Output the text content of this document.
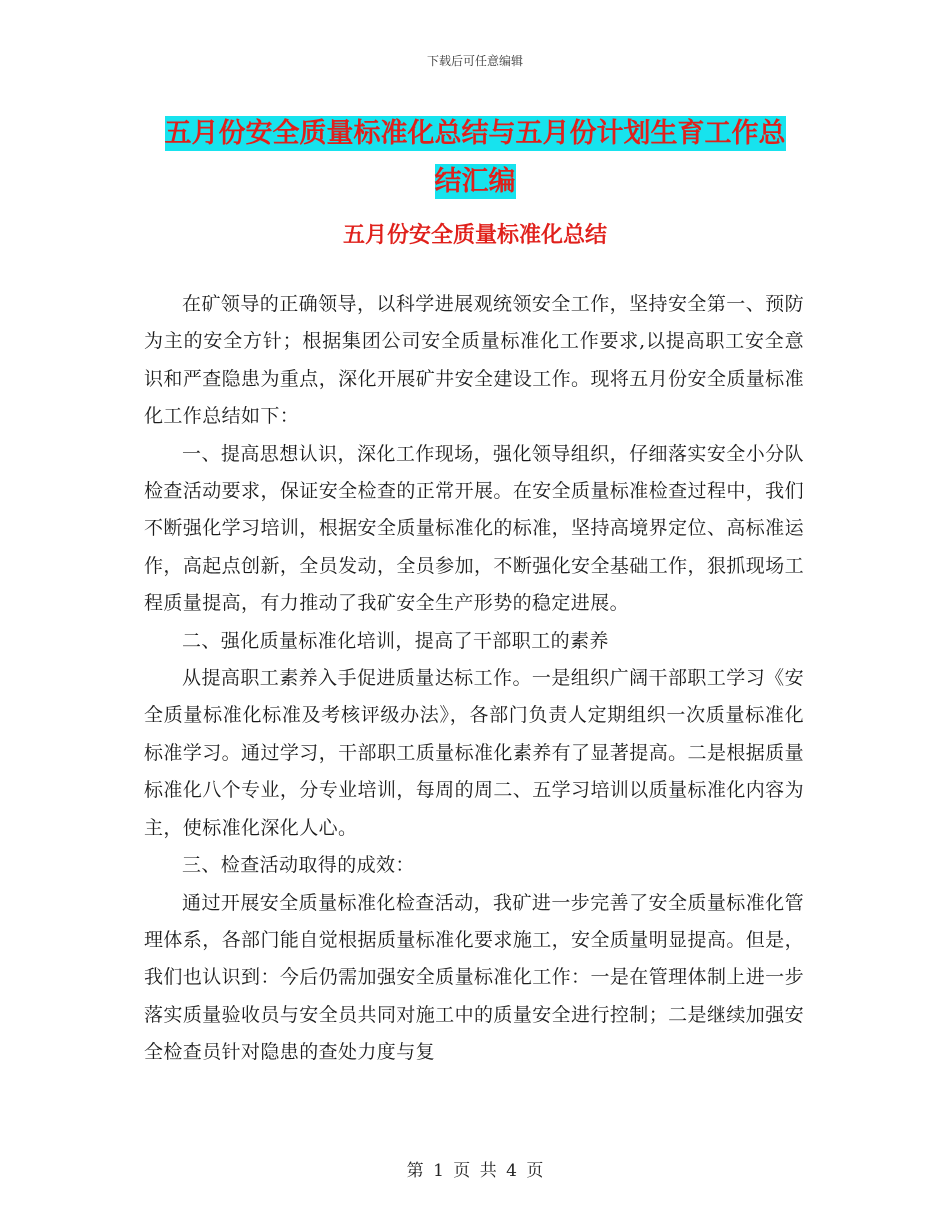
下载后可任意编辑
五月份安全质量标准化总结与五月份计划生育工作总
结汇编
五月份安全质量标准化总结

在矿领导的正确领导，以科学进展观统领安全工作，坚持安全第一、预防为主的安全方针；根据集团公司安全质量标准化工作要求,以提高职工安全意识和严查隐患为重点，深化开展矿井安全建设工作。现将五月份安全质量标准化工作总结如下：

一、提高思想认识，深化工作现场，强化领导组织，仔细落实安全小分队检查活动要求，保证安全检查的正常开展。在安全质量标准检查过程中，我们不断强化学习培训，根据安全质量标准化的标准，坚持高境界定位、高标准运作，高起点创新，全员发动，全员参加，不断强化安全基础工作，狠抓现场工程质量提高，有力推动了我矿安全生产形势的稳定进展。

二、强化质量标准化培训，提高了干部职工的素养

从提高职工素养入手促进质量达标工作。一是组织广阔干部职工学习《安全质量标准化标准及考核评级办法》，各部门负责人定期组织一次质量标准化标准学习。通过学习，干部职工质量标准化素养有了显著提高。二是根据质量标准化八个专业，分专业培训，每周的周二、五学习培训以质量标准化内容为主，使标准化深化人心。

三、检查活动取得的成效：

通过开展安全质量标准化检查活动，我矿进一步完善了安全质量标准化管理体系，各部门能自觉根据质量标准化要求施工，安全质量明显提高。但是，我们也认识到：今后仍需加强安全质量标准化工作：一是在管理体制上进一步落实质量验收员与安全员共同对施工中的质量安全进行控制；二是继续加强安全检查员针对隐患的查处力度与复

第 1 页 共 4 页
